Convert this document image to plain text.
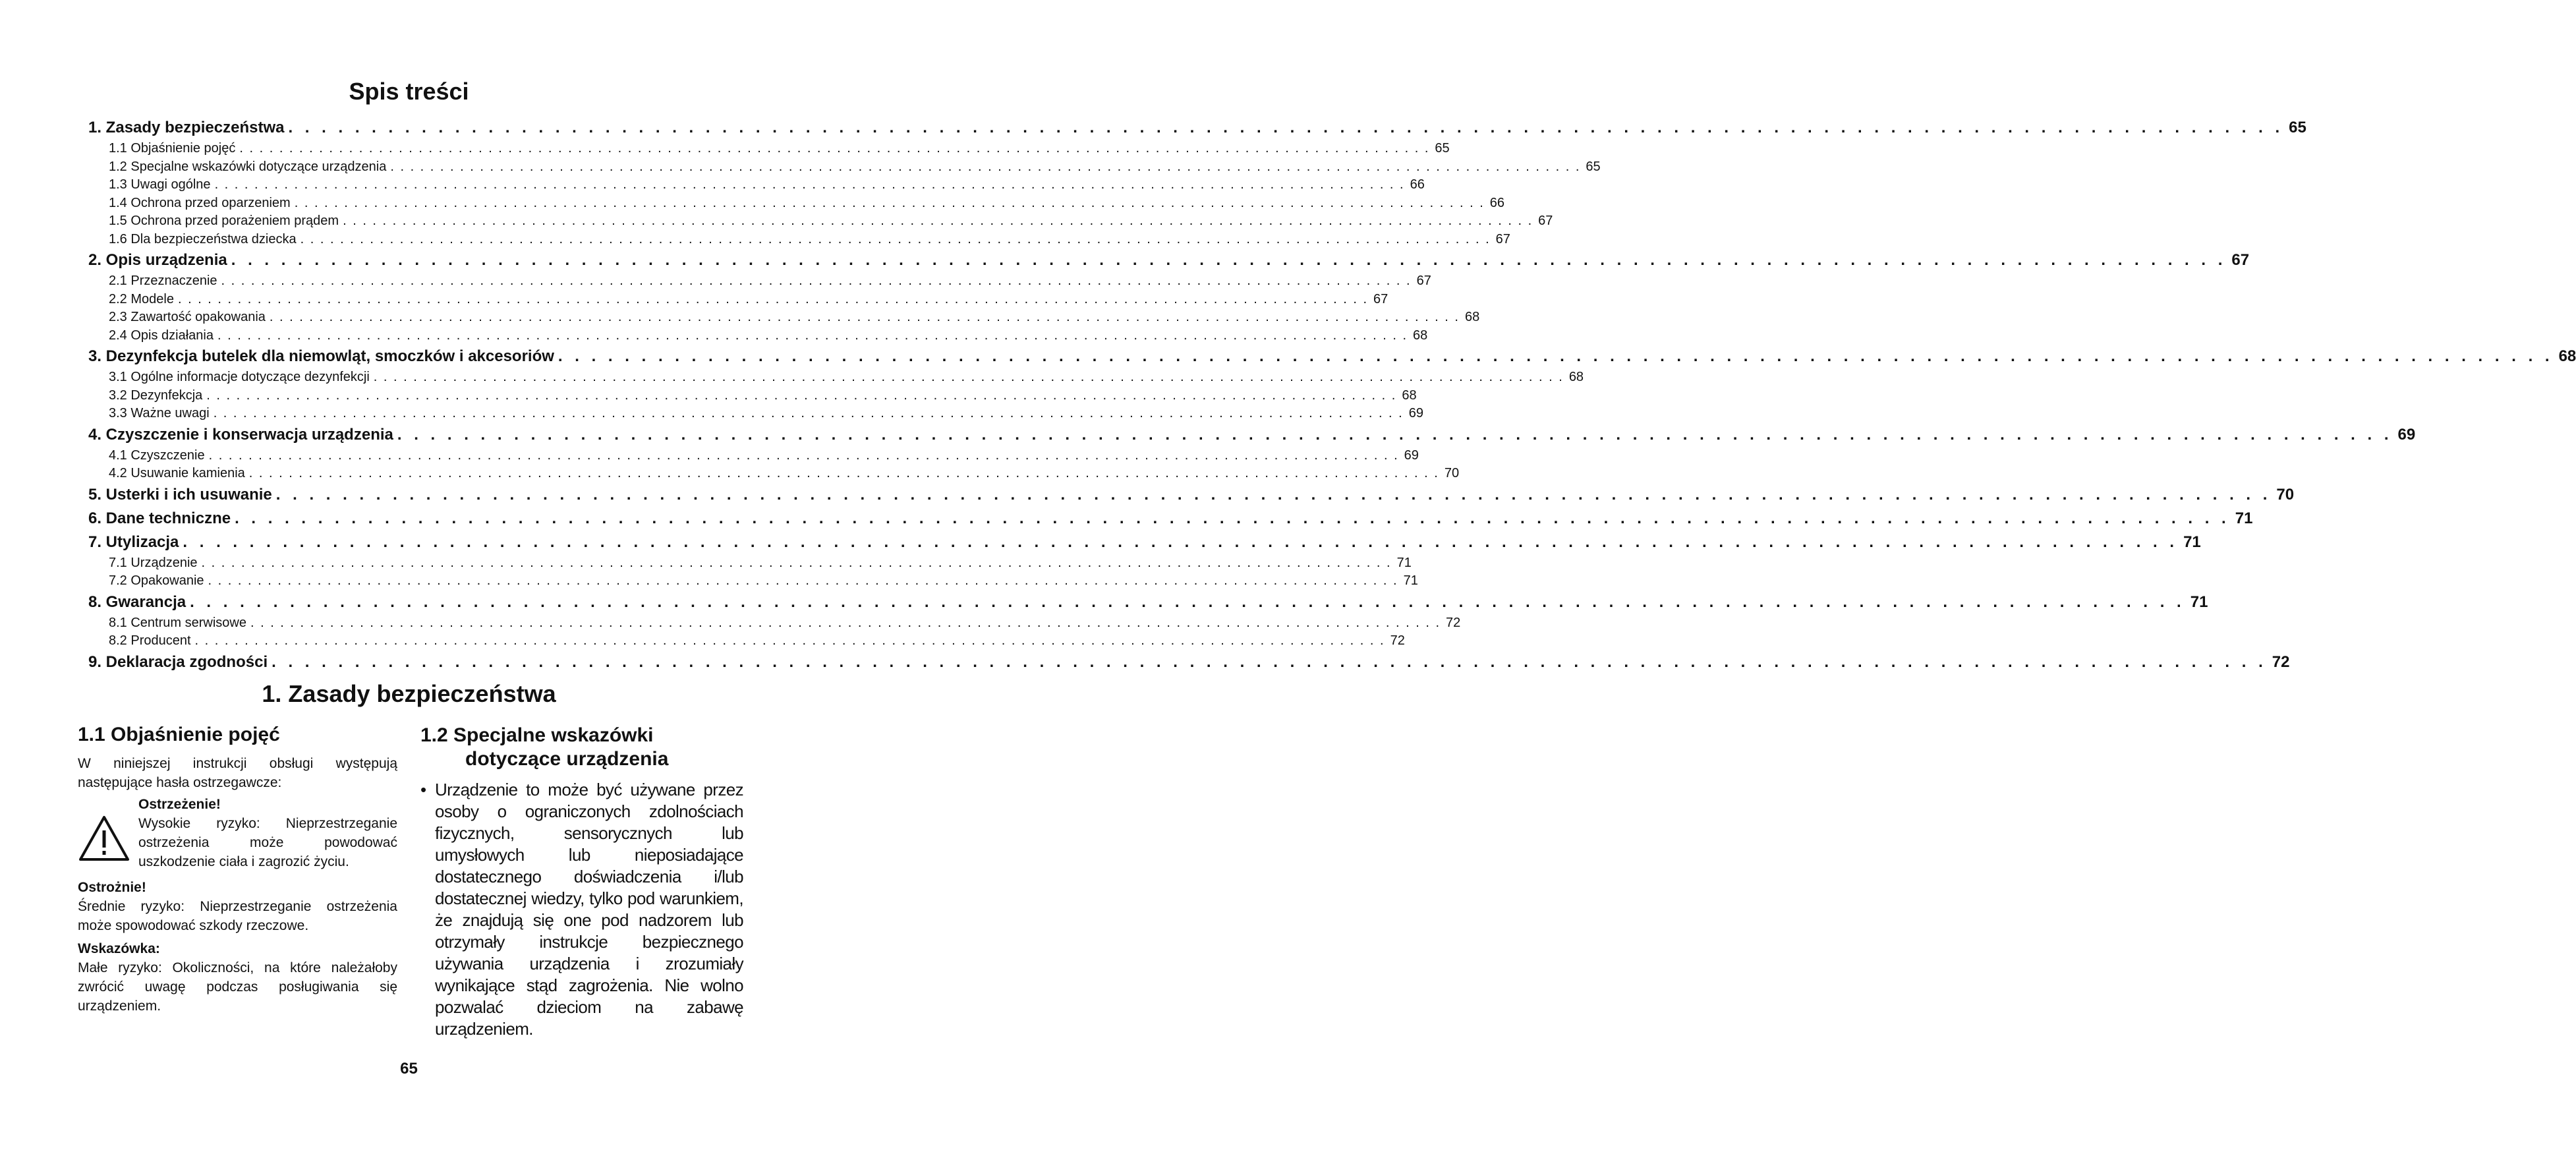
Spis treści
1. Zasady bezpieczeństwa . . . . . . . . . . . . . . . . . . . . . . . . . . . . . . . . . . . . . . . . . . . . . . . . . . . . . . . . . . . . . . . . . . . . . . . . . . . . . . . . . . . . . . . . . . . . . . . . . . . . . . . . . . . . . . . . . . . . . . . . 65
1.1 Objaśnienie pojęć . . . . . . . . . . . . . . . . . . . . . . . . . . . . . . . . . . . . . . . . . . . . . . . . . . . . . . . . . . . . . . . . . . . . . . . . . . . . . . . . . . . . . . . . . . . . . . . . . . . . . . . . . . . . . . . . . . . . . . . . 65
1.2 Specjalne wskazówki dotyczące urządzenia . . . . . . . . . . . . . . . . . . . . . . . . . . . . . . . . . . . . . . . . . . . . . . . . . . . . . . . . . . . . . . . . . . . . . . . . . . . . . . . . . . . . . . . . . . . . . . . . . . . . . . . . . . . . . . . . . . . . . . . . 65
1.3 Uwagi ogólne . . . . . . . . . . . . . . . . . . . . . . . . . . . . . . . . . . . . . . . . . . . . . . . . . . . . . . . . . . . . . . . . . . . . . . . . . . . . . . . . . . . . . . . . . . . . . . . . . . . . . . . . . . . . . . . . . . . . . . . . 66
1.4 Ochrona przed oparzeniem . . . . . . . . . . . . . . . . . . . . . . . . . . . . . . . . . . . . . . . . . . . . . . . . . . . . . . . . . . . . . . . . . . . . . . . . . . . . . . . . . . . . . . . . . . . . . . . . . . . . . . . . . . . . . . . . . . . . . . . . 66
1.5 Ochrona przed porażeniem prądem . . . . . . . . . . . . . . . . . . . . . . . . . . . . . . . . . . . . . . . . . . . . . . . . . . . . . . . . . . . . . . . . . . . . . . . . . . . . . . . . . . . . . . . . . . . . . . . . . . . . . . . . . . . . . . . . . . . . . . . . 67
1.6 Dla bezpieczeństwa dziecka . . . . . . . . . . . . . . . . . . . . . . . . . . . . . . . . . . . . . . . . . . . . . . . . . . . . . . . . . . . . . . . . . . . . . . . . . . . . . . . . . . . . . . . . . . . . . . . . . . . . . . . . . . . . . . . . . . . . . . . . 67
2. Opis urządzenia . . . . . . . . . . . . . . . . . . . . . . . . . . . . . . . . . . . . . . . . . . . . . . . . . . . . . . . . . . . . . . . . . . . . . . . . . . . . . . . . . . . . . . . . . . . . . . . . . . . . . . . . . . . . . . . . . . . . . . . . 67
2.1 Przeznaczenie . . . . . . . . . . . . . . . . . . . . . . . . . . . . . . . . . . . . . . . . . . . . . . . . . . . . . . . . . . . . . . . . . . . . . . . . . . . . . . . . . . . . . . . . . . . . . . . . . . . . . . . . . . . . . . . . . . . . . . . . 67
2.2 Modele . . . . . . . . . . . . . . . . . . . . . . . . . . . . . . . . . . . . . . . . . . . . . . . . . . . . . . . . . . . . . . . . . . . . . . . . . . . . . . . . . . . . . . . . . . . . . . . . . . . . . . . . . . . . . . . . . . . . . . . . 67
2.3 Zawartość opakowania . . . . . . . . . . . . . . . . . . . . . . . . . . . . . . . . . . . . . . . . . . . . . . . . . . . . . . . . . . . . . . . . . . . . . . . . . . . . . . . . . . . . . . . . . . . . . . . . . . . . . . . . . . . . . . . . . . . . . . . . 68
2.4 Opis działania . . . . . . . . . . . . . . . . . . . . . . . . . . . . . . . . . . . . . . . . . . . . . . . . . . . . . . . . . . . . . . . . . . . . . . . . . . . . . . . . . . . . . . . . . . . . . . . . . . . . . . . . . . . . . . . . . . . . . . . . 68
3. Dezynfekcja butelek dla niemowląt, smoczków i akcesoriów . . . . . . . . . . . . . . . . . . . . . . . . . . . . . . . . . . . . . . . . . . . . . . . . . . . . . . . . . . . . . . . . . . . . . . . . . . . . . . . . . . . . . . . . . . . . . . . . . . . . . . . . . . . . . . . . . . . . . . . . 68
3.1 Ogólne informacje dotyczące dezynfekcji . . . . . . . . . . . . . . . . . . . . . . . . . . . . . . . . . . . . . . . . . . . . . . . . . . . . . . . . . . . . . . . . . . . . . . . . . . . . . . . . . . . . . . . . . . . . . . . . . . . . . . . . . . . . . . . . . . . . . . . . 68
3.2 Dezynfekcja . . . . . . . . . . . . . . . . . . . . . . . . . . . . . . . . . . . . . . . . . . . . . . . . . . . . . . . . . . . . . . . . . . . . . . . . . . . . . . . . . . . . . . . . . . . . . . . . . . . . . . . . . . . . . . . . . . . . . . . . 68
3.3 Ważne uwagi . . . . . . . . . . . . . . . . . . . . . . . . . . . . . . . . . . . . . . . . . . . . . . . . . . . . . . . . . . . . . . . . . . . . . . . . . . . . . . . . . . . . . . . . . . . . . . . . . . . . . . . . . . . . . . . . . . . . . . . . 69
4. Czyszczenie i konserwacja urządzenia . . . . . . . . . . . . . . . . . . . . . . . . . . . . . . . . . . . . . . . . . . . . . . . . . . . . . . . . . . . . . . . . . . . . . . . . . . . . . . . . . . . . . . . . . . . . . . . . . . . . . . . . . . . . . . . . . . . . . . . . 69
4.1 Czyszczenie . . . . . . . . . . . . . . . . . . . . . . . . . . . . . . . . . . . . . . . . . . . . . . . . . . . . . . . . . . . . . . . . . . . . . . . . . . . . . . . . . . . . . . . . . . . . . . . . . . . . . . . . . . . . . . . . . . . . . . . . 69
4.2 Usuwanie kamienia . . . . . . . . . . . . . . . . . . . . . . . . . . . . . . . . . . . . . . . . . . . . . . . . . . . . . . . . . . . . . . . . . . . . . . . . . . . . . . . . . . . . . . . . . . . . . . . . . . . . . . . . . . . . . . . . . . . . . . . . 70
5. Usterki i ich usuwanie . . . . . . . . . . . . . . . . . . . . . . . . . . . . . . . . . . . . . . . . . . . . . . . . . . . . . . . . . . . . . . . . . . . . . . . . . . . . . . . . . . . . . . . . . . . . . . . . . . . . . . . . . . . . . . . . . . . . . . . . 70
6. Dane techniczne . . . . . . . . . . . . . . . . . . . . . . . . . . . . . . . . . . . . . . . . . . . . . . . . . . . . . . . . . . . . . . . . . . . . . . . . . . . . . . . . . . . . . . . . . . . . . . . . . . . . . . . . . . . . . . . . . . . . . . . . 71
7. Utylizacja . . . . . . . . . . . . . . . . . . . . . . . . . . . . . . . . . . . . . . . . . . . . . . . . . . . . . . . . . . . . . . . . . . . . . . . . . . . . . . . . . . . . . . . . . . . . . . . . . . . . . . . . . . . . . . . . . . . . . . . . 71
7.1 Urządzenie . . . . . . . . . . . . . . . . . . . . . . . . . . . . . . . . . . . . . . . . . . . . . . . . . . . . . . . . . . . . . . . . . . . . . . . . . . . . . . . . . . . . . . . . . . . . . . . . . . . . . . . . . . . . . . . . . . . . . . . . 71
7.2 Opakowanie . . . . . . . . . . . . . . . . . . . . . . . . . . . . . . . . . . . . . . . . . . . . . . . . . . . . . . . . . . . . . . . . . . . . . . . . . . . . . . . . . . . . . . . . . . . . . . . . . . . . . . . . . . . . . . . . . . . . . . . . 71
8. Gwarancja . . . . . . . . . . . . . . . . . . . . . . . . . . . . . . . . . . . . . . . . . . . . . . . . . . . . . . . . . . . . . . . . . . . . . . . . . . . . . . . . . . . . . . . . . . . . . . . . . . . . . . . . . . . . . . . . . . . . . . . . 71
8.1 Centrum serwisowe . . . . . . . . . . . . . . . . . . . . . . . . . . . . . . . . . . . . . . . . . . . . . . . . . . . . . . . . . . . . . . . . . . . . . . . . . . . . . . . . . . . . . . . . . . . . . . . . . . . . . . . . . . . . . . . . . . . . . . . . 72
8.2 Producent . . . . . . . . . . . . . . . . . . . . . . . . . . . . . . . . . . . . . . . . . . . . . . . . . . . . . . . . . . . . . . . . . . . . . . . . . . . . . . . . . . . . . . . . . . . . . . . . . . . . . . . . . . . . . . . . . . . . . . . . 72
9. Deklaracja zgodności . . . . . . . . . . . . . . . . . . . . . . . . . . . . . . . . . . . . . . . . . . . . . . . . . . . . . . . . . . . . . . . . . . . . . . . . . . . . . . . . . . . . . . . . . . . . . . . . . . . . . . . . . . . . . . . . . . . . . . . . 72
1. Zasady bezpieczeństwa
1.1 Objaśnienie pojęć

W niniejszej instrukcji obsługi występują następujące hasła ostrzegawcze:

Ostrzeżenie!

Wysokie ryzyko: Nieprzestrzeganie ostrzeżenia może powodować uszkodzenie ciała i zagrozić życiu.

Ostrożnie!

Średnie ryzyko: Nieprzestrzeganie ostrzeżenia może spowodować szkody rzeczowe.

Wskazówka:

Małe ryzyko: Okoliczności, na które należałoby zwrócić uwagę podczas posługiwania się urządzeniem.

1.2 Specjalne wskazówki
dotyczące urządzenia
• Urządzenie to może być używane przez osoby o ograniczonych zdolnościach fizycznych, sensorycznych lub umysłowych lub nieposiadające dostatecznego doświadczenia i/lub dostatecznej wiedzy, tylko pod warunkiem, że znajdują się one pod nadzorem lub otrzymały instrukcje bezpiecznego używania urządzenia i zrozumiały wynikające stąd zagrożenia. Nie wolno pozwalać dzieciom na zabawę urządzeniem.
65
